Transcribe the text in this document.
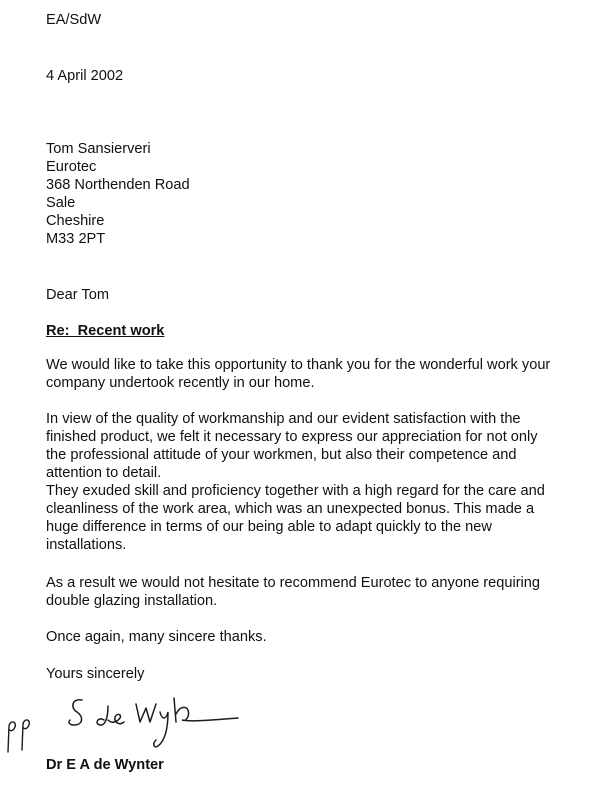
EA/SdW

4 April 2002

Tom Sansierveri
Eurotec
368 Northenden Road
Sale
Cheshire
M33 2PT

Dear Tom

Re:  Recent work

We would like to take this opportunity to thank you for the wonderful work your
company undertook recently in our home.
In view of the quality of workmanship and our evident satisfaction with the
finished product, we felt it necessary to express our appreciation for not only
the professional attitude of your workmen, but also their competence and
attention to detail.
They exuded skill and proficiency together with a high regard for the care and
cleanliness of the work area, which was an unexpected bonus. This made a
huge difference in terms of our being able to adapt quickly to the new
installations.
As a result we would not hesitate to recommend Eurotec to anyone requiring
double glazing installation.
Once again, many sincere thanks.

Yours sincerely

Dr E A de Wynter
